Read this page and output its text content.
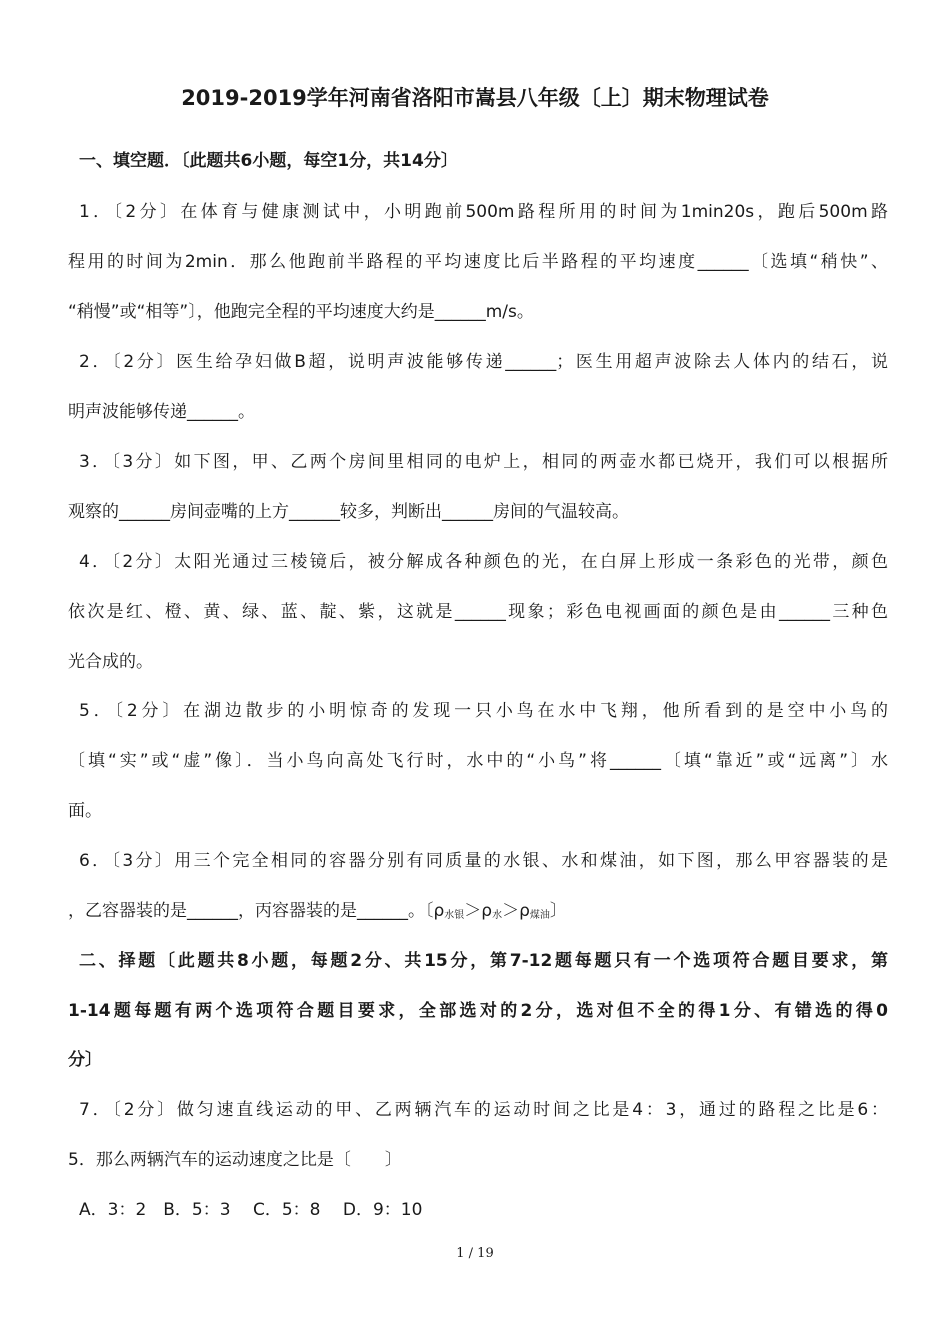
2019-2019学年河南省洛阳市嵩县八年级〔上〕期末物理试卷
一、填空题．〔此题共6小题，每空1分，共14分〕
1．〔2分〕在体育与健康测试中，小明跑前500m路程所用的时间为1min20s，跑后500m路
程用的时间为2min．那么他跑前半路程的平均速度比后半路程的平均速度______〔选填“稍快”、
“稍慢”或“相等”〕，他跑完全程的平均速度大约是______m/s。
2．〔2分〕医生给孕妇做B超，说明声波能够传递______；医生用超声波除去人体内的结石，说
明声波能够传递______。
3．〔3分〕如下图，甲、乙两个房间里相同的电炉上，相同的两壶水都已烧开，我们可以根据所
观察的______房间壶嘴的上方______较多，判断出______房间的气温较高。
4．〔2分〕太阳光通过三棱镜后，被分解成各种颜色的光，在白屏上形成一条彩色的光带，颜色
依次是红、橙、黄、绿、蓝、靛、紫，这就是______现象；彩色电视画面的颜色是由______三种色
光合成的。
5．〔2分〕在湖边散步的小明惊奇的发现一只小鸟在水中飞翔，他所看到的是空中小鸟的
〔填“实”或“虚”像〕．当小鸟向高处飞行时，水中的“小鸟”将______〔填“靠近”或“远离”〕水
面。
6．〔3分〕用三个完全相同的容器分别有同质量的水银、水和煤油，如下图，那么甲容器装的是
，乙容器装的是______，丙容器装的是______。〔$\rho_{水银}>\rho_水>\rho_{煤油}$〕
二、择题〔此题共8小题，每题2分、共15分，第7-12题每题只有一个选项符合题目要求，第
1-14题每题有两个选项符合题目要求，全部选对的2分，选对但不全的得1分、有错选的得0
分〕
7．〔2分〕做匀速直线运动的甲、乙两辆汽车的运动时间之比是4：3，通过的路程之比是6：
5．那么两辆汽车的运动速度之比是〔　　〕
A．3：2　B．5：3　 C．5：8　 D．9：10
1 / 19
